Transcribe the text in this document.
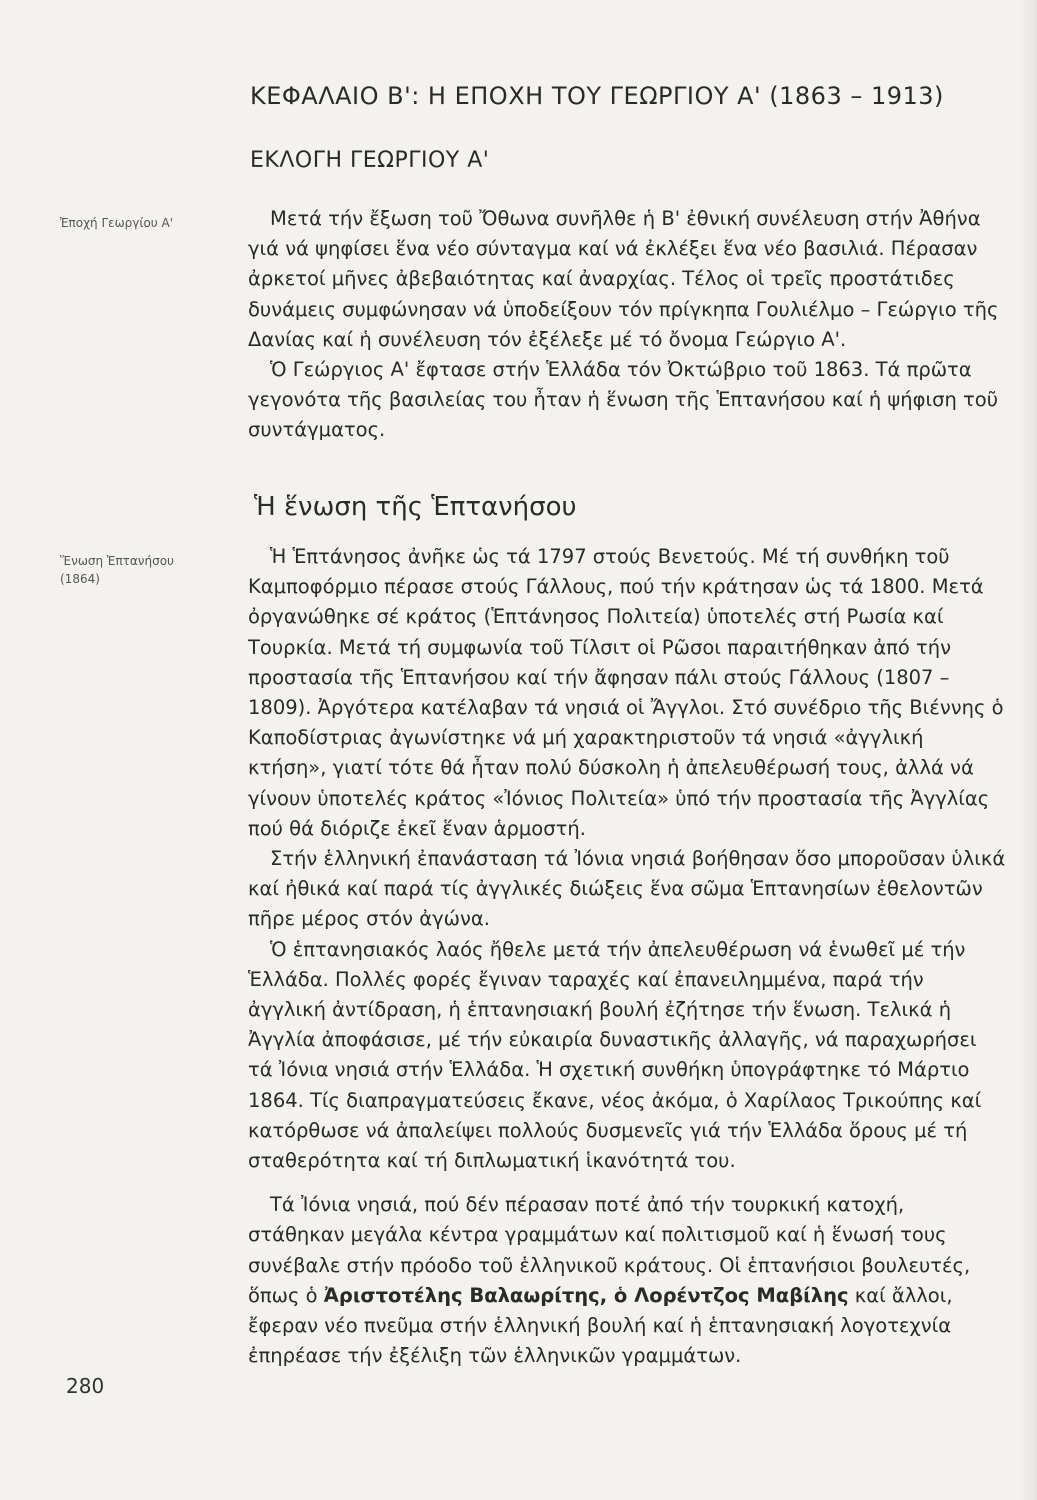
ΚΕΦΑΛΑΙΟ Β': Η ΕΠΟΧΗ ΤΟΥ ΓΕΩΡΓΙΟΥ Α' (1863 – 1913)
ΕΚΛΟΓΗ ΓΕΩΡΓΙΟΥ Α'
Ἐποχή Γεωργίου Α'	Μετά τήν ἔξωση τοῦ Ὄθωνα συνῆλθε ἡ Β' ἐθνική συνέλευση στήν Ἀθήνα γιά νά ψηφίσει ἕνα νέο σύνταγμα καί νά ἐκλέξει ἕνα νέο βασιλιά. Πέρασαν ἀρκετοί μῆνες ἀβεβαιότητας καί ἀναρχίας. Τέλος οἱ τρεῖς προστάτιδες δυνάμεις συμφώνησαν νά ὑποδείξουν τόν πρίγκηπα Γουλιέλμο – Γεώργιο τῆς Δανίας καί ἡ συνέλευση τόν ἐξέλεξε μέ τό ὄνομα Γεώργιο Α'.

Ὁ Γεώργιος Α' ἔφτασε στήν Ἑλλάδα τόν Ὀκτώβριο τοῦ 1863. Τά πρῶτα γεγονότα τῆς βασιλείας του ἦταν ἡ ἕνωση τῆς Ἑπτανήσου καί ἡ ψήφιση τοῦ συντάγματος.

Ἡ ἕνωση τῆς Ἑπτανήσου
Ἕνωση Ἑπτανήσου
(1864)

Ἡ Ἑπτάνησος ἀνῆκε ὡς τά 1797 στούς Βενετούς. Μέ τή συνθήκη τοῦ Καμποφόρμιο πέρασε στούς Γάλλους, πού τήν κράτησαν ὡς τά 1800. Μετά ὀργανώθηκε σέ κράτος (Ἑπτάνησος Πολιτεία) ὑποτελές στή Ρωσία καί Τουρκία. Μετά τή συμφωνία τοῦ Τίλσιτ οἱ Ρῶσοι παραιτήθηκαν ἀπό τήν προστασία τῆς Ἑπτανήσου καί τήν ἄφησαν πάλι στούς Γάλλους (1807 – 1809). Ἀργότερα κατέλαβαν τά νησιά οἱ Ἄγγλοι. Στό συνέδριο τῆς Βιέννης ὁ Καποδίστριας ἀγωνίστηκε νά μή χαρακτηριστοῦν τά νησιά «ἀγγλική κτήση», γιατί τότε θά ἦταν πολύ δύσκολη ἡ ἀπελευθέρωσή τους, ἀλλά νά γίνουν ὑποτελές κράτος «Ἰόνιος Πολιτεία» ὑπό τήν προστασία τῆς Ἀγγλίας πού θά διόριζε ἐκεῖ ἕναν ἁρμοστή.

Στήν ἑλληνική ἐπανάσταση τά Ἰόνια νησιά βοήθησαν ὅσο μποροῦσαν ὑλικά καί ἠθικά καί παρά τίς ἀγγλικές διώξεις ἕνα σῶμα Ἑπτανησίων ἐθελοντῶν πῆρε μέρος στόν ἀγώνα.

Ὁ ἑπτανησιακός λαός ἤθελε μετά τήν ἀπελευθέρωση νά ἑνωθεῖ μέ τήν Ἑλλάδα. Πολλές φορές ἔγιναν ταραχές καί ἐπανειλημμένα, παρά τήν ἀγγλική ἀντίδραση, ἡ ἑπτανησιακή βουλή ἐζήτησε τήν ἕνωση. Τελικά ἡ Ἀγγλία ἀποφάσισε, μέ τήν εὐκαιρία δυναστικῆς ἀλλαγῆς, νά παραχωρήσει τά Ἰόνια νησιά στήν Ἑλλάδα. Ἡ σχετική συνθήκη ὑπογράφτηκε τό Μάρτιο 1864. Τίς διαπραγματεύσεις ἔκανε, νέος ἀκόμα, ὁ Χαρίλαος Τρικούπης καί κατόρθωσε νά ἀπαλείψει πολλούς δυσμενεῖς γιά τήν Ἑλλάδα ὅρους μέ τή σταθερότητα καί τή διπλωματική ἱκανότητά του.

Τά Ἰόνια νησιά, πού δέν πέρασαν ποτέ ἀπό τήν τουρκική κατοχή, στάθηκαν μεγάλα κέντρα γραμμάτων καί πολιτισμοῦ καί ἡ ἕνωσή τους συνέβαλε στήν πρόοδο τοῦ ἑλληνικοῦ κράτους. Οἱ ἑπτανήσιοι βουλευτές, ὅπως ὁ Ἀριστοτέλης Βαλαωρίτης, ὁ Λορέντζος Μαβίλης καί ἄλλοι, ἔφεραν νέο πνεῦμα στήν ἑλληνική βουλή καί ἡ ἑπτανησιακή λογοτεχνία ἐπηρέασε τήν ἐξέλιξη τῶν ἑλληνικῶν γραμμάτων.

280
